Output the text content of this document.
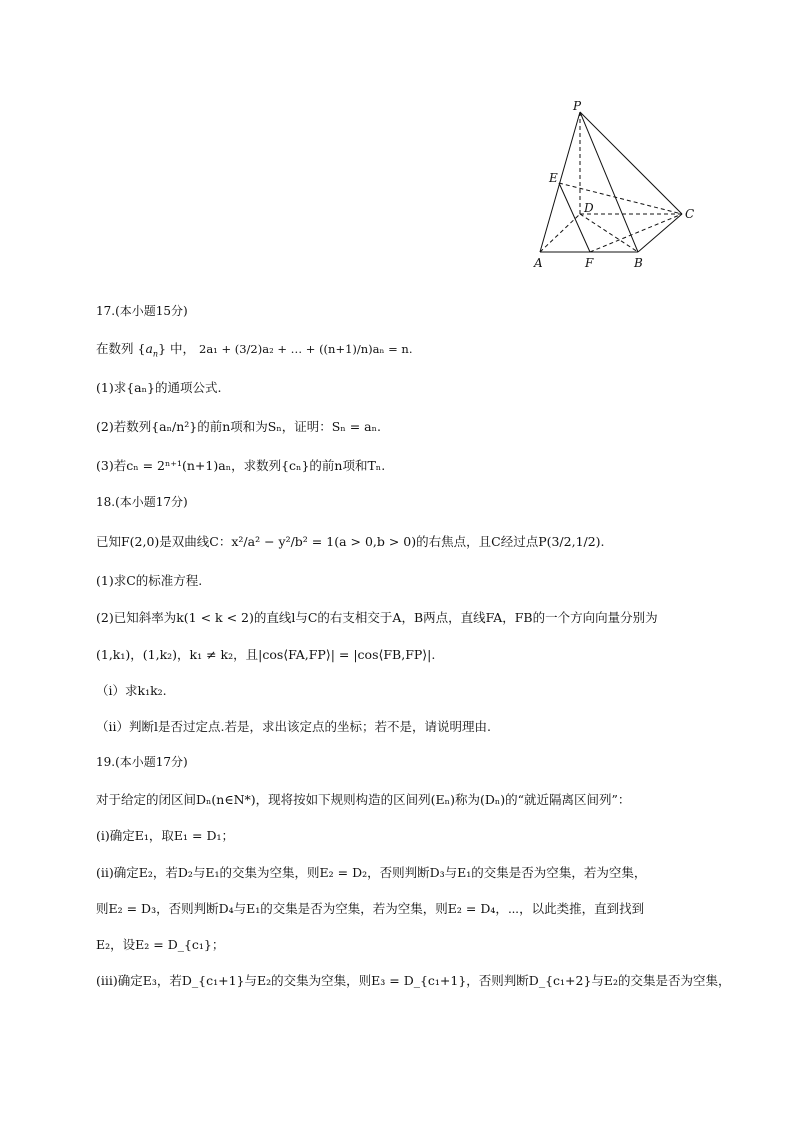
P
E
D	C
A	F	B
17.(本小题15分)
在数列 $\{a_n\}$ 中， 2a₁ + (3/2)a₂ + … + ((n+1)/n)aₙ = n.
(1)求{aₙ}的通项公式.
(2)若数列{aₙ/n²}的前n项和为Sₙ，证明：Sₙ = aₙ.
(3)若cₙ = 2ⁿ⁺¹(n+1)aₙ，求数列{cₙ}的前n项和Tₙ.
18.(本小题17分)
已知F(2,0)是双曲线C：x²/a² − y²/b² = 1(a > 0,b > 0)的右焦点，且C经过点P(3/2,1/2).
(1)求C的标准方程.
(2)已知斜率为k(1 < k < 2)的直线l与C的右支相交于A，B两点，直线FA，FB的一个方向向量分别为
(1,k₁)，(1,k₂)，k₁ ≠ k₂，且|cos⟨FA,FP⟩| = |cos⟨FB,FP⟩|.
（ⅰ）求k₁k₂.
（ⅱ）判断l是否过定点.若是，求出该定点的坐标；若不是，请说明理由.
19.(本小题17分)
对于给定的闭区间Dₙ(n∈N*)，现将按如下规则构造的区间列(Eₙ)称为(Dₙ)的“就近隔离区间列”：
(i)确定E₁，取E₁ = D₁；
(ii)确定E₂，若D₂与E₁的交集为空集，则E₂ = D₂，否则判断D₃与E₁的交集是否为空集，若为空集，
则E₂ = D₃，否则判断D₄与E₁的交集是否为空集，若为空集，则E₂ = D₄，⋯，以此类推，直到找到
E₂，设E₂ = D_{c₁}；
(iii)确定E₃，若D_{c₁+1}与E₂的交集为空集，则E₃ = D_{c₁+1}，否则判断D_{c₁+2}与E₂的交集是否为空集，
